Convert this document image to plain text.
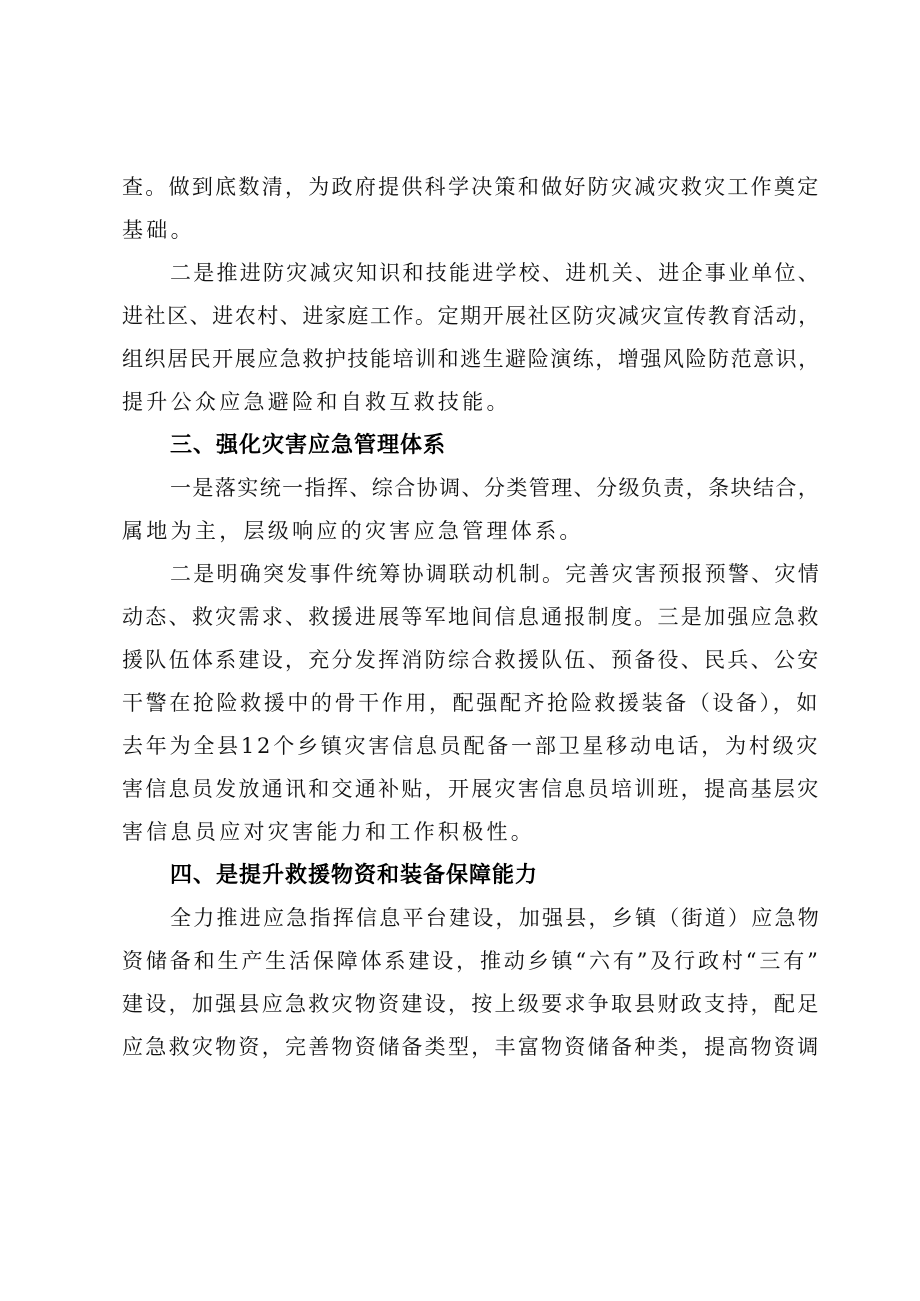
查。做到底数清，为政府提供科学决策和做好防灾减灾救灾工作奠定
基础。

二是推进防灾减灾知识和技能进学校、进机关、进企事业单位、
进社区、进农村、进家庭工作。定期开展社区防灾减灾宣传教育活动，
组织居民开展应急救护技能培训和逃生避险演练，增强风险防范意识，
提升公众应急避险和自救互救技能。

三、强化灾害应急管理体系

一是落实统一指挥、综合协调、分类管理、分级负责，条块结合，
属地为主，层级响应的灾害应急管理体系。

二是明确突发事件统筹协调联动机制。完善灾害预报预警、灾情
动态、救灾需求、救援进展等军地间信息通报制度。三是加强应急救
援队伍体系建设，充分发挥消防综合救援队伍、预备役、民兵、公安
干警在抢险救援中的骨干作用，配强配齐抢险救援装备（设备），如
去年为全县12个乡镇灾害信息员配备一部卫星移动电话，为村级灾
害信息员发放通讯和交通补贴，开展灾害信息员培训班，提高基层灾
害信息员应对灾害能力和工作积极性。

四、是提升救援物资和装备保障能力

全力推进应急指挥信息平台建设，加强县，乡镇（街道）应急物
资储备和生产生活保障体系建设，推动乡镇“六有”及行政村“三有”
建设，加强县应急救灾物资建设，按上级要求争取县财政支持，配足
应急救灾物资，完善物资储备类型，丰富物资储备种类，提高物资调
